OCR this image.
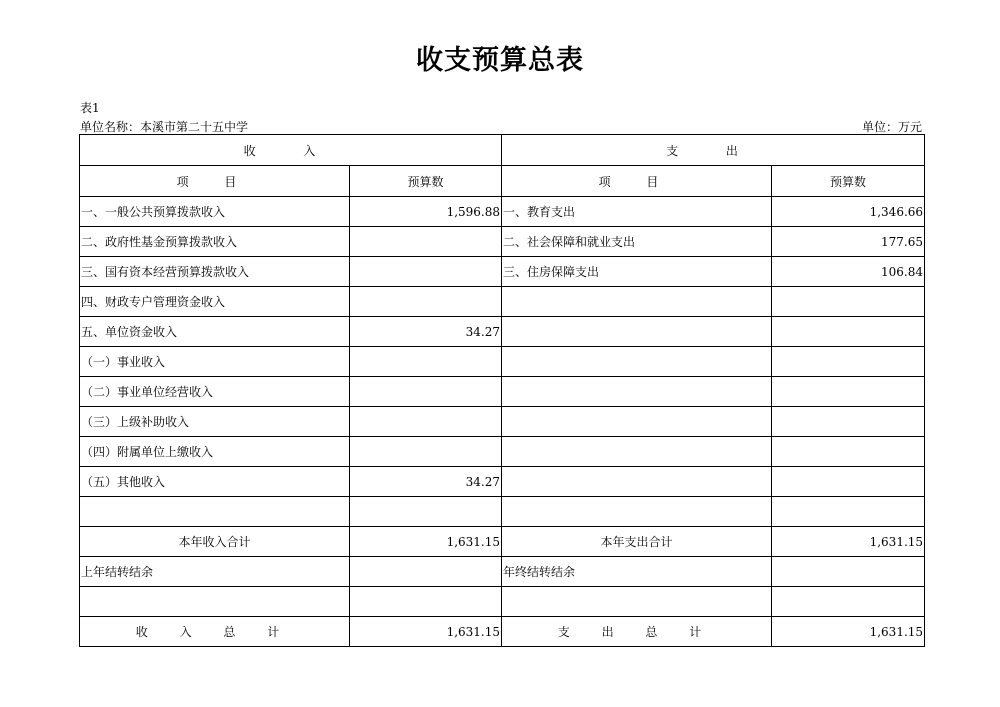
收支预算总表
表1
单位名称：本溪市第二十五中学	单位：万元
收 入		支 出	
项 目	预算数	项 目	预算数
一、一般公共预算拨款收入	1,596.88	一、教育支出	1,346.66
二、政府性基金预算拨款收入		二、社会保障和就业支出	177.65
三、国有资本经营预算拨款收入		三、住房保障支出	106.84
四、财政专户管理资金收入			
五、单位资金收入	34.27		
（一）事业收入			
（二）事业单位经营收入			
（三）上级补助收入			
（四）附属单位上缴收入			
（五）其他收入	34.27		

本年收入合计	1,631.15	本年支出合计	1,631.15
上年结转结余		年终结转结余	

收 入 总 计	1,631.15	支 出 总 计	1,631.15
